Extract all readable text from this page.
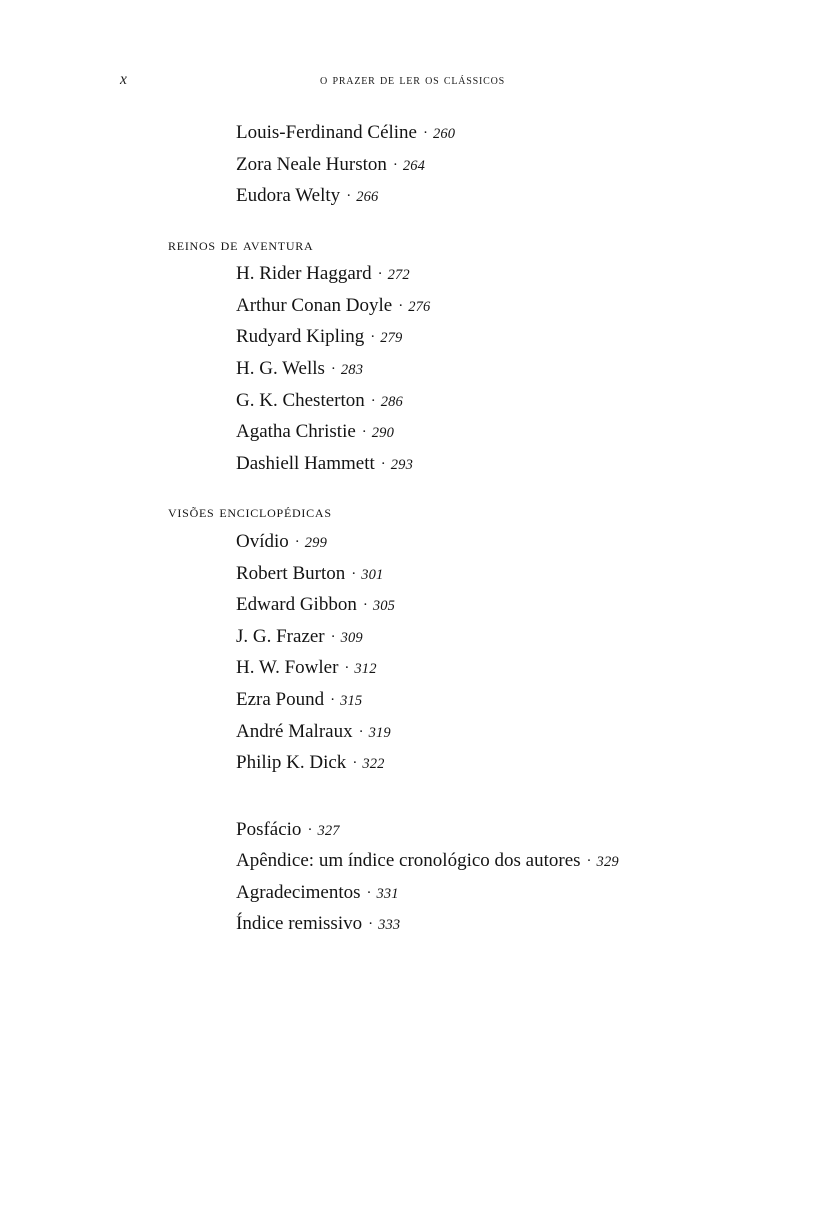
x	o prazer de ler os clássicos
Louis-Ferdinand Céline · 260
Zora Neale Hurston · 264
Eudora Welty · 266
reinos de aventura
H. Rider Haggard · 272
Arthur Conan Doyle · 276
Rudyard Kipling · 279
H. G. Wells · 283
G. K. Chesterton · 286
Agatha Christie · 290
Dashiell Hammett · 293
visões enciclopédicas
Ovídio · 299
Robert Burton · 301
Edward Gibbon · 305
J. G. Frazer · 309
H. W. Fowler · 312
Ezra Pound · 315
André Malraux · 319
Philip K. Dick · 322
Posfácio · 327
Apêndice: um índice cronológico dos autores · 329
Agradecimentos · 331
Índice remissivo · 333
